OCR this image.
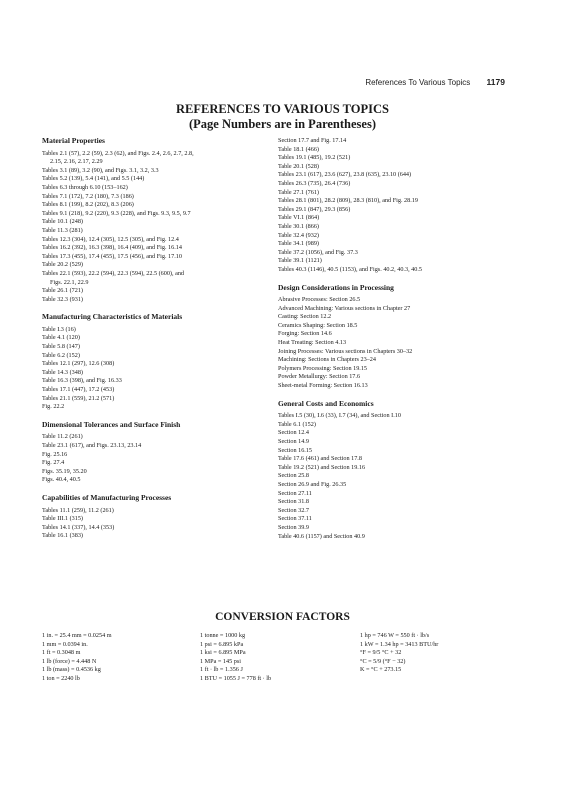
References To Various Topics 1179
REFERENCES TO VARIOUS TOPICS
(Page Numbers are in Parentheses)
Material Properties
Tables 2.1 (57), 2.2 (59), 2.3 (62), and Figs. 2.4, 2.6, 2.7, 2.8,
2.15, 2.16, 2.17, 2.29
Tables 3.1 (89), 3.2 (90), and Figs. 3.1, 3.2, 3.3
Tables 5.2 (139), 5.4 (141), and 5.5 (144)
Tables 6.3 through 6.10 (153–162)
Tables 7.1 (172), 7.2 (180), 7.3 (186)
Tables 8.1 (199), 8.2 (202), 8.3 (206)
Tables 9.1 (218), 9.2 (220), 9.3 (228), and Figs. 9.3, 9.5, 9.7
Table 10.1 (248)
Table 11.3 (281)
Tables 12.3 (304), 12.4 (305), 12.5 (305), and Fig. 12.4
Tables 16.2 (392), 16.3 (398), 16.4 (409), and Fig. 16.14
Tables 17.3 (455), 17.4 (455), 17.5 (456), and Fig. 17.10
Table 20.2 (529)
Tables 22.1 (593), 22.2 (594), 22.3 (594), 22.5 (600), and
Figs. 22.1, 22.9
Table 26.1 (721)
Table 32.3 (931)
Manufacturing Characteristics of Materials
Table I.3 (16)
Table 4.1 (120)
Table 5.8 (147)
Table 6.2 (152)
Tables 12.1 (297), 12.6 (308)
Table 14.3 (348)
Table 16.3 (398), and Fig. 16.33
Tables 17.1 (447), 17.2 (453)
Tables 21.1 (559), 21.2 (571)
Fig. 22.2
Dimensional Tolerances and Surface Finish
Table 11.2 (261)
Table 23.1 (617), and Figs. 23.13, 23.14
Fig. 25.16
Fig. 27.4
Figs. 35.19, 35.20
Figs. 40.4, 40.5
Capabilities of Manufacturing Processes
Tables 11.1 (259), 11.2 (261)
Table III.1 (315)
Tables 14.1 (337), 14.4 (353)
Table 16.1 (383)
Section 17.7 and Fig. 17.14
Table 18.1 (466)
Tables 19.1 (485), 19.2 (521)
Table 20.1 (528)
Tables 23.1 (617), 23.6 (627), 23.8 (635), 23.10 (644)
Tables 26.3 (735), 26.4 (736)
Table 27.1 (761)
Tables 28.1 (801), 28.2 (809), 28.3 (810), and Fig. 28.19
Tables 29.1 (847), 29.3 (856)
Table VI.1 (864)
Table 30.1 (866)
Table 32.4 (932)
Table 34.1 (989)
Table 37.2 (1056), and Fig. 37.3
Table 39.1 (1121)
Tables 40.3 (1146), 40.5 (1153), and Figs. 40.2, 40.3, 40.5
Design Considerations in Processing
Abrasive Processes: Section 26.5
Advanced Machining: Various sections in Chapter 27
Casting: Section 12.2
Ceramics Shaping: Section 18.5
Forging: Section 14.6
Heat Treating: Section 4.13
Joining Processes: Various sections in Chapters 30–32
Machining: Sections in Chapters 23–24
Polymers Processing: Section 19.15
Powder Metallurgy: Section 17.6
Sheet-metal Forming: Section 16.13
General Costs and Economics
Tables I.5 (30), I.6 (33), I.7 (34), and Section I.10
Table 6.1 (152)
Section 12.4
Section 14.9
Section 16.15
Table 17.6 (461) and Section 17.8
Table 19.2 (521) and Section 19.16
Section 25.8
Section 26.9 and Fig. 26.35
Section 27.11
Section 31.8
Section 32.7
Section 37.11
Section 39.9
Table 40.6 (1157) and Section 40.9
CONVERSION FACTORS
1 in. = 25.4 mm = 0.0254 m
1 mm = 0.0394 in.
1 ft = 0.3048 m
1 lb (force) = 4.448 N
1 lb (mass) = 0.4536 kg
1 ton = 2240 lb
1 tonne = 1000 kg
1 psi = 6.895 kPa
1 ksi = 6.895 MPa
1 MPa = 145 psi
1 ft · lb = 1.356 J
1 BTU = 1055 J = 778 ft · lb
1 hp = 746 W = 550 ft · lb/s
1 kW = 1.34 hp = 3413 BTU/hr
°F = 9/5 °C + 32
°C = 5/9 (°F − 32)
K = °C + 273.15
